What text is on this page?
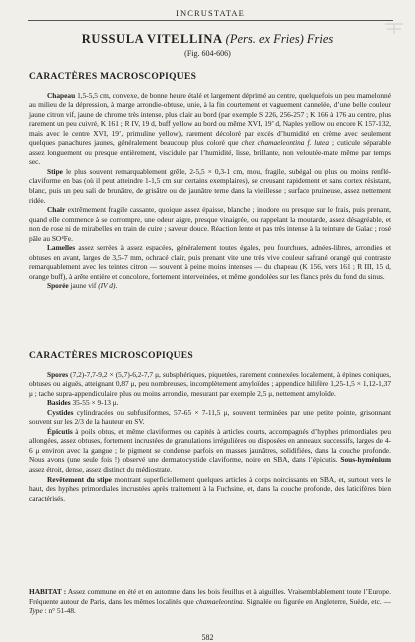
INCRUSTATAE
RUSSULA VITELLINA (Pers. ex Fries) Fries
(Fig. 604-606)
CARACTÈRES MACROSCOPIQUES

Chapeau 1,5-5,5 cm, convexe, de bonne heure étalé et largement déprimé au centre, quelquefois un peu mamelonné au milieu de la dépression, à marge arrondie-obtuse, unie, à la fin courtement et vaguement cannelée, d’une belle couleur jaune citron vif, jaune de chrome très intense, plus clair au bord (par exemple S 226, 256-257 ; K 166 à 176 au centre, plus rarement un peu cuivré, K 161 ; R IV, 19 d, buff yellow au bord ou même XVI, 19’ d, Naples yellow ou encore K 157-132, mais avec le centre XVI, 19’, primuline yellow), rarement décoloré par excès d’humidité en crème avec seulement quelques panachures jaunes, généralement beaucoup plus coloré que chez chamaeleontina f. lutea ; cuticule séparable assez longuement ou presque entièrement, viscidule par l’humidité, lisse, brillante, non veloutée-mate même par temps sec.

Stipe le plus souvent remarquablement grêle, 2-5,5 × 0,3-1 cm, mou, fragile, subégal ou plus ou moins renflé-claviforme en bas (où il peut atteindre 1-1,5 cm sur certains exemplaires), se creusant rapidement et sans cortex résistant, blanc, puis un peu sali de brunâtre, de grisâtre ou de jaunâtre terne dans la vieillesse ; surface pruineuse, assez nettement ridée.

Chair extrêmement fragile cassante, quoique assez épaisse, blanche ; inodore ou presque sur le frais, puis prenant, quand elle commence à se corrompre, une odeur aigre, presque vinaigrée, ou rappelant la moutarde, assez désagréable, et non de rose ni de mirabelles en train de cuire ; saveur douce. Réaction lente et pas très intense à la teinture de Gaïac ; rosé pâle au SO⁴Fe.

Lamelles assez serrées à assez espacées, généralement toutes égales, peu fourchues, adnées-libres, arrondies et obtuses en avant, larges de 3,5-7 mm, ochracé clair, puis prenant vite une très vive couleur safrané orangé qui contraste remarquablement avec les teintes citron — souvent à peine moins intenses — du chapeau (K 156, vers 161 ; R III, 15 d, orange buff), à arête entière et concolore, fortement interveinées, et même gondolées sur les flancs près du fond du sinus.

Sporée jaune vif (IV d).

CARACTÈRES MICROSCOPIQUES

Spores (7,2)-7,7-9,2 × (5,7)-6,2-7,7 μ, subsphériques, piquetées, rarement connexées localement, à épines coniques, obtuses ou aiguës, atteignant 0,87 μ, peu nombreuses, incomplètement amyloïdes ; appendice hilifère 1,25-1,5 × 1,12-1,37 μ ; tache supra-appendiculaire plus ou moins arrondie, mesurant par exemple 2,5 μ, nettement amyloïde.

Basides 35-55 × 9-13 μ.

Cystides cylindracées ou subfusiformes, 57-65 × 7-11,5 μ, souvent terminées par une petite pointe, grisonnant souvent sur les 2/3 de la hauteur en SV.

Épicutis à poils obtus, et même claviformes ou capités à articles courts, accompagnés d’hyphes primordiales peu allongées, assez obtuses, fortement incrustées de granulations irrégulières ou disposées en anneaux successifs, larges de 4-6 μ environ avec la gangue ; le pigment se condense parfois en masses jaunâtres, solidifiées, dans la couche profonde. Nous avons (une seule fois !) observé une dermatocystide claviforme, noire en SBA, dans l’épicutis. Sous-hyménium assez étroit, dense, assez distinct du médiostrate.

Revêtement du stipe montrant superficiellement quelques articles à corps noircissants en SBA, et, surtout vers le haut, des hyphes primordiales incrustées après traitement à la Fuchsine, et, dans la couche profonde, des laticifères bien caractérisés.

HABITAT : Assez commune en été et en automne dans les bois feuillus et à aiguilles. Vraisemblablement toute l’Europe. Fréquente autour de Paris, dans les mêmes localités que chamaeleontina. Signalée ou figurée en Angleterre, Suède, etc. — Type : n° 51-48.

582
